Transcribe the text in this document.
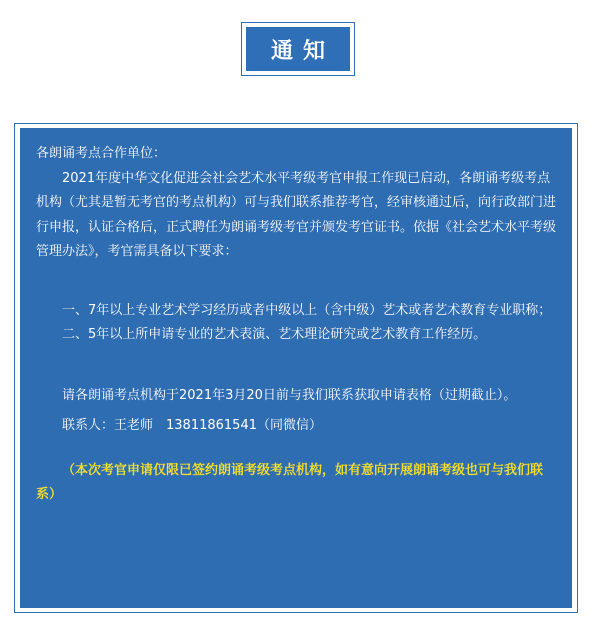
通知

各朗诵考点合作单位：

2021年度中华文化促进会社会艺术水平考级考官申报工作现已启动，各朗诵考级考点机构（尤其是暂无考官的考点机构）可与我们联系推荐考官，经审核通过后，向行政部门进行申报，认证合格后，正式聘任为朗诵考级考官并颁发考官证书。依据《社会艺术水平考级管理办法》，考官需具备以下要求：

一、7年以上专业艺术学习经历或者中级以上（含中级）艺术或者艺术教育专业职称；

二、5年以上所申请专业的艺术表演、艺术理论研究或艺术教育工作经历。

请各朗诵考点机构于2021年3月20日前与我们联系获取申请表格（过期截止）。

联系人：王老师　13811861541（同微信）

（本次考官申请仅限已签约朗诵考级考点机构，如有意向开展朗诵考级也可与我们联系）
